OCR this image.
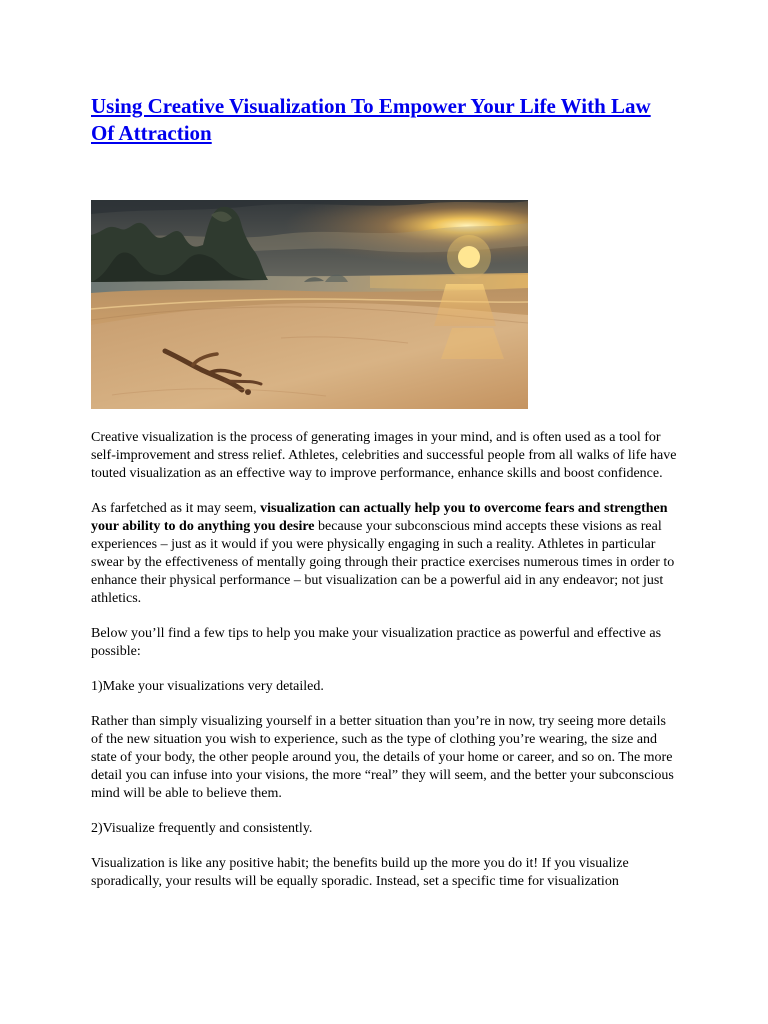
Using Creative Visualization To Empower Your Life With Law Of Attraction

Creative visualization is the process of generating images in your mind, and is often used as a tool for self-improvement and stress relief. Athletes, celebrities and successful people from all walks of life have touted visualization as an effective way to improve performance, enhance skills and boost confidence.

As farfetched as it may seem, visualization can actually help you to overcome fears and strengthen your ability to do anything you desire because your subconscious mind accepts these visions as real experiences – just as it would if you were physically engaging in such a reality. Athletes in particular swear by the effectiveness of mentally going through their practice exercises numerous times in order to enhance their physical performance – but visualization can be a powerful aid in any endeavor; not just athletics.

Below you’ll find a few tips to help you make your visualization practice as powerful and effective as possible:

1)Make your visualizations very detailed.

Rather than simply visualizing yourself in a better situation than you’re in now, try seeing more details of the new situation you wish to experience, such as the type of clothing you’re wearing, the size and state of your body, the other people around you, the details of your home or career, and so on. The more detail you can infuse into your visions, the more “real” they will seem, and the better your subconscious mind will be able to believe them.

2)Visualize frequently and consistently.

Visualization is like any positive habit; the benefits build up the more you do it! If you visualize sporadically, your results will be equally sporadic. Instead, set a specific time for visualization
